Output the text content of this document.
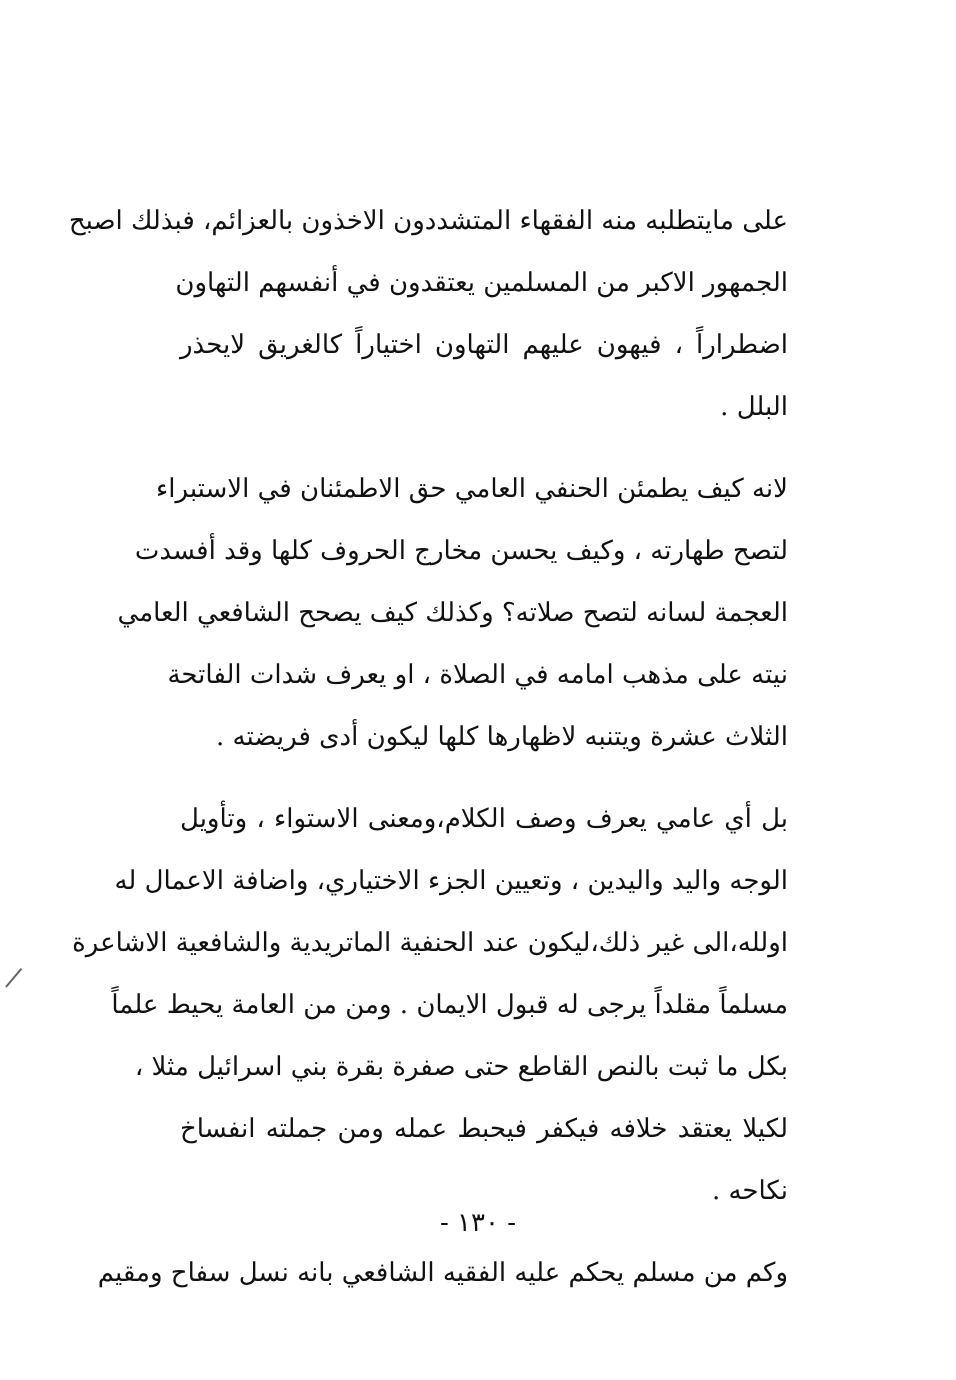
على مايتطلبه منه الفقهاء المتشددون الاخذون بالعزائم، فبذلك اصبح
الجمهور الاكبر من المسلمين يعتقدون في أنفسهم التهاون
اضطراراً ، فيهون عليهم التهاون اختياراً كالغريق لايحذر
البلل .
لانه كيف يطمئن الحنفي العامي حق الاطمئنان في الاستبراء
لتصح طهارته ، وكيف يحسن مخارج الحروف كلها وقد أفسدت
العجمة لسانه لتصح صلاته؟ وكذلك كيف يصحح الشافعي العامي
نيته على مذهب امامه في الصلاة ، او يعرف شدات الفاتحة
الثلاث عشرة ويتنبه لاظهارها كلها ليكون أدى فريضته .
بل أي عامي يعرف وصف الكلام،ومعنى الاستواء ، وتأويل
الوجه واليد واليدين ، وتعيين الجزء الاختياري، واضافة الاعمال له
اولله،الى غير ذلك،ليكون عند الحنفية الماتريدية والشافعية الاشاعرة
مسلماً مقلداً يرجى له قبول الايمان . ومن من العامة يحيط علماً
بكل ما ثبت بالنص القاطع حتى صفرة بقرة بني اسرائيل مثلا ،
لكيلا يعتقد خلافه فيكفر فيحبط عمله ومن جملته انفساخ
نكاحه .
وكم من مسلم يحكم عليه الفقيه الشافعي بانه نسل سفاح ومقيم
- ١٣٠ -
